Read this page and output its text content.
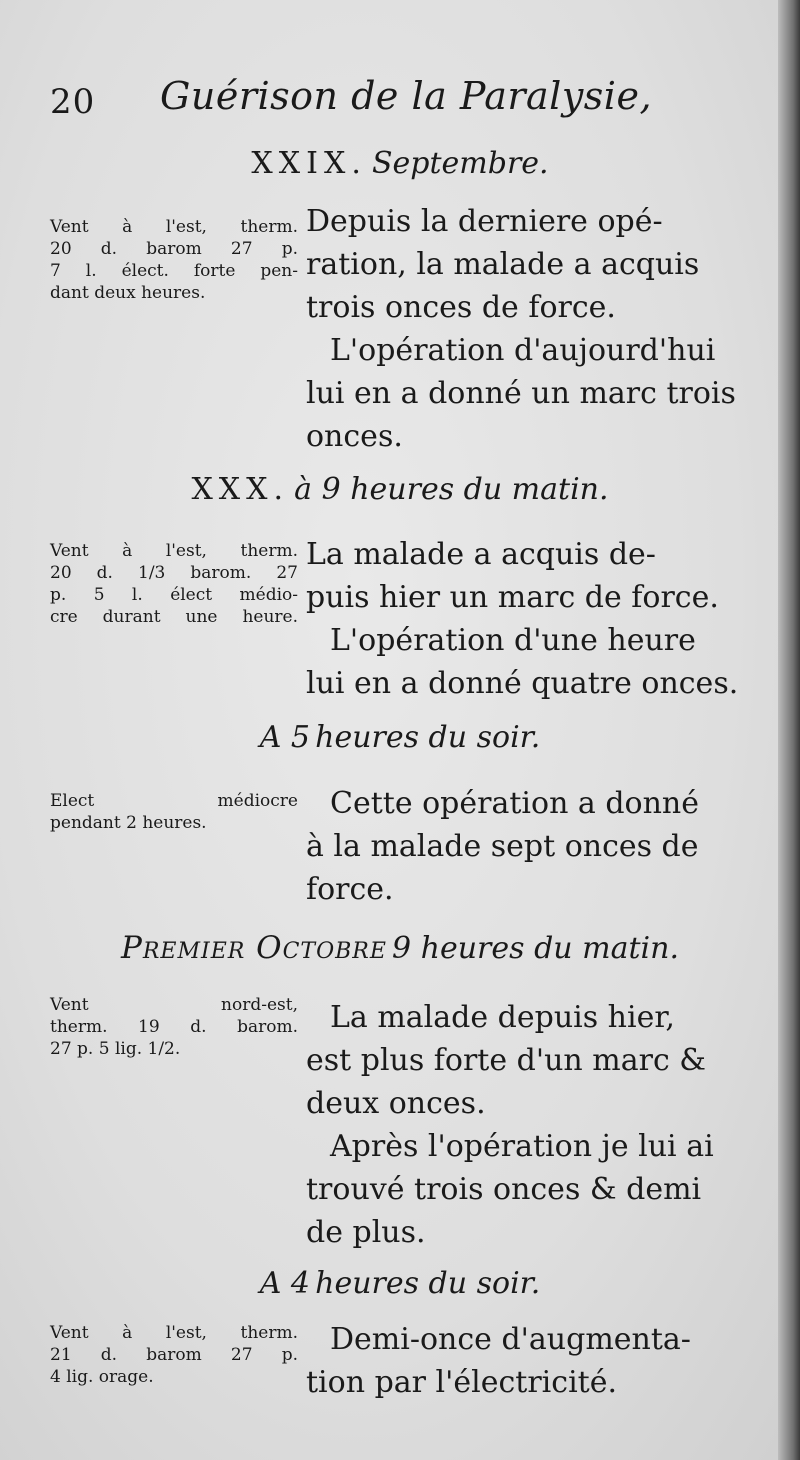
20 Guérison de la Paralysie,
XXIX. Septembre.
Vent à l'est, therm.
20 d. barom 27 p.
7 l. élect. forte pen-
dant deux heures.
Depuis la derniere opé-
ration, la malade a acquis
trois onces de force.
L'opération d'aujourd'hui
lui en a donné un marc trois
onces.
XXX. à 9 heures du matin.
Vent à l'est, therm.
20 d. 1/3 barom. 27
p. 5 l. élect médio-
cre durant une heure.
La malade a acquis de-
puis hier un marc de force.
L'opération d'une heure
lui en a donné quatre onces.
A 5 heures du soir.
Elect médiocre
pendant 2 heures.
Cette opération a donné
à la malade sept onces de
force.
Premier Octobre 9 heures du matin.
Vent nord-est,
therm. 19 d. barom.
27 p. 5 lig. 1/2.
La malade depuis hier,
est plus forte d'un marc &
deux onces.
Après l'opération je lui ai
trouvé trois onces & demi
de plus.
A 4 heures du soir.
Vent à l'est, therm.
21 d. barom 27 p.
4 lig. orage.
Demi-once d'augmenta-
tion par l'électricité.
